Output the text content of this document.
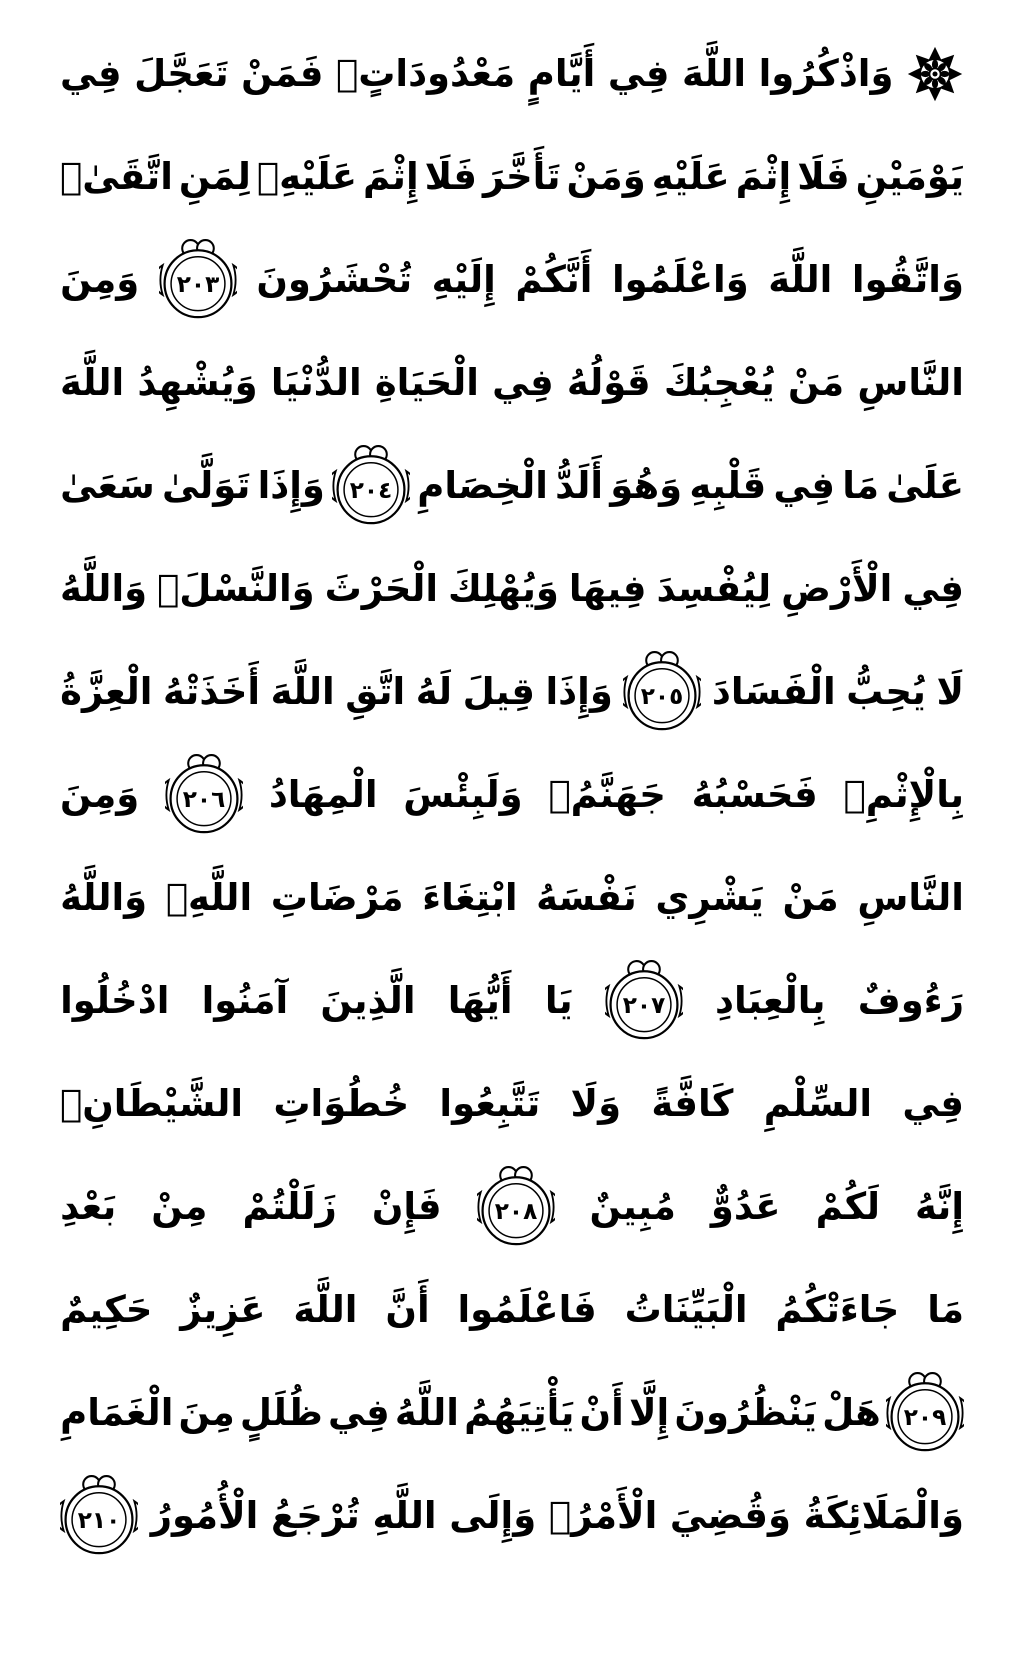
وَاذْكُرُوا
اللَّهَ
فِي
أَيَّامٍ
مَعْدُودَاتٍۚ
فَمَنْ
تَعَجَّلَ
فِي
يَوْمَيْنِ
فَلَا
إِثْمَ
عَلَيْهِ
وَمَنْ
تَأَخَّرَ
فَلَا
إِثْمَ
عَلَيْهِۚ
لِمَنِ
اتَّقَىٰۗ
وَاتَّقُوا
اللَّهَ
وَاعْلَمُوا
أَنَّكُمْ
إِلَيْهِ
تُحْشَرُونَ
٢٠٣
وَمِنَ
النَّاسِ
مَنْ
يُعْجِبُكَ
قَوْلُهُ
فِي
الْحَيَاةِ
الدُّنْيَا
وَيُشْهِدُ
اللَّهَ
عَلَىٰ
مَا
فِي
قَلْبِهِ
وَهُوَ
أَلَدُّ
الْخِصَامِ
٢٠٤
وَإِذَا
تَوَلَّىٰ
سَعَىٰ
فِي
الْأَرْضِ
لِيُفْسِدَ
فِيهَا
وَيُهْلِكَ
الْحَرْثَ
وَالنَّسْلَۗ
وَاللَّهُ
لَا
يُحِبُّ
الْفَسَادَ
٢٠٥
وَإِذَا
قِيلَ
لَهُ
اتَّقِ
اللَّهَ
أَخَذَتْهُ
الْعِزَّةُ
بِالْإِثْمِۚ
فَحَسْبُهُ
جَهَنَّمُۚ
وَلَبِئْسَ
الْمِهَادُ
٢٠٦
وَمِنَ
النَّاسِ
مَنْ
يَشْرِي
نَفْسَهُ
ابْتِغَاءَ
مَرْضَاتِ
اللَّهِۗ
وَاللَّهُ
رَءُوفٌ
بِالْعِبَادِ
٢٠٧
يَا
أَيُّهَا
الَّذِينَ
آمَنُوا
ادْخُلُوا
فِي
السِّلْمِ
كَافَّةً
وَلَا
تَتَّبِعُوا
خُطُوَاتِ
الشَّيْطَانِۚ
إِنَّهُ
لَكُمْ
عَدُوٌّ
مُبِينٌ
٢٠٨
فَإِنْ
زَلَلْتُمْ
مِنْ
بَعْدِ
مَا
جَاءَتْكُمُ
الْبَيِّنَاتُ
فَاعْلَمُوا
أَنَّ
اللَّهَ
عَزِيزٌ
حَكِيمٌ
٢٠٩
هَلْ
يَنْظُرُونَ
إِلَّا
أَنْ
يَأْتِيَهُمُ
اللَّهُ
فِي
ظُلَلٍ
مِنَ
الْغَمَامِ
وَالْمَلَائِكَةُ
وَقُضِيَ
الْأَمْرُۚ
وَإِلَى
اللَّهِ
تُرْجَعُ
الْأُمُورُ
٢١٠
